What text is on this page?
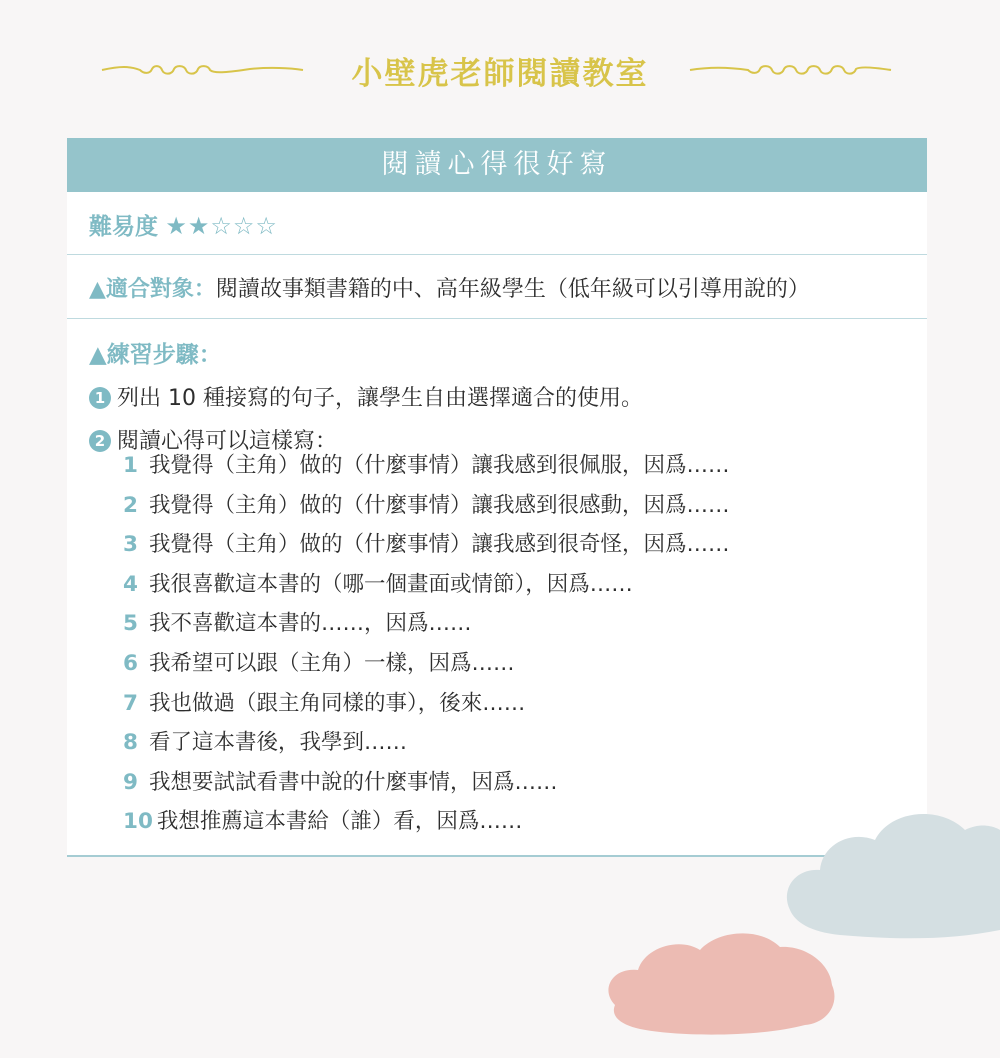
小壁虎老師閱讀教室
閱讀心得很好寫
難易度 ★★☆☆☆
▲適合對象：閱讀故事類書籍的中、高年級學生（低年級可以引導用說的）
▲練習步驟：
1 列出 10 種接寫的句子，讓學生自由選擇適合的使用。
2 閱讀心得可以這樣寫：
1 我覺得（主角）做的（什麼事情）讓我感到很佩服，因爲……
2 我覺得（主角）做的（什麼事情）讓我感到很感動，因爲……
3 我覺得（主角）做的（什麼事情）讓我感到很奇怪，因爲……
4 我很喜歡這本書的（哪一個畫面或情節），因爲……
5 我不喜歡這本書的……，因爲……
6 我希望可以跟（主角）一樣，因爲……
7 我也做過（跟主角同樣的事），後來……
8 看了這本書後，我學到……
9 我想要試試看書中說的什麼事情，因爲……
10 我想推薦這本書給（誰）看，因爲……
